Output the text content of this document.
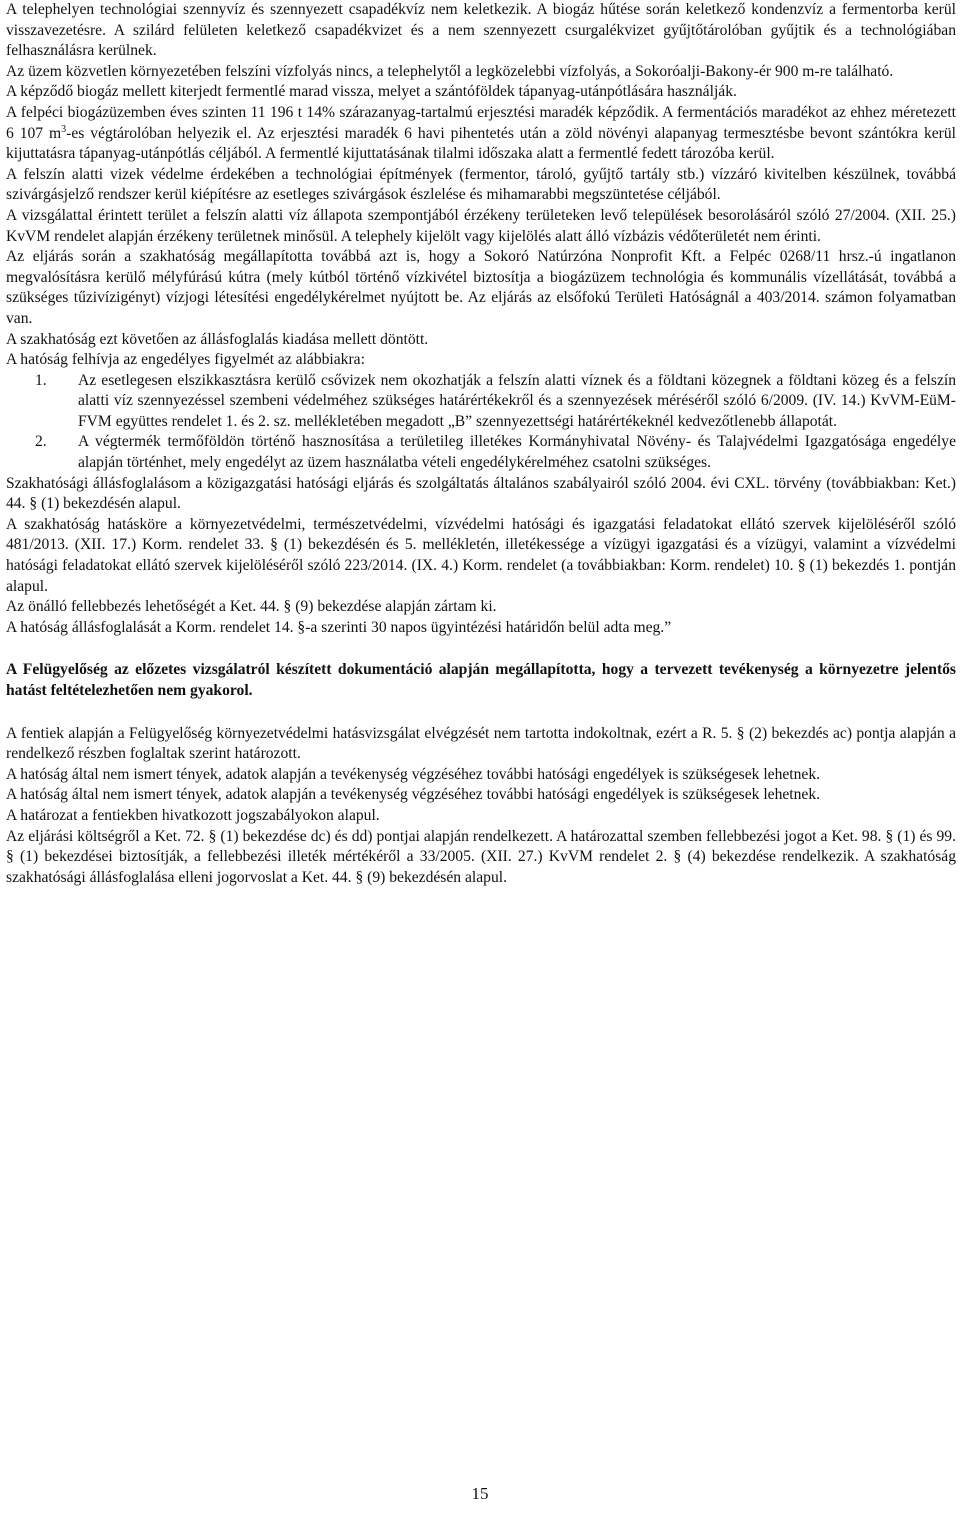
A telephelyen technológiai szennyvíz és szennyezett csapadékvíz nem keletkezik. A biogáz hűtése során keletkező kondenzvíz a fermentorba kerül visszavezetésre. A szilárd felületen keletkező csapadékvizet és a nem szennyezett csurgalékvizet gyűjtőtárolóban gyűjtik és a technológiában felhasználásra kerülnek.

Az üzem közvetlen környezetében felszíni vízfolyás nincs, a telephelytől a legközelebbi vízfolyás, a Sokoróalji-Bakony-ér 900 m-re található.

A képződő biogáz mellett kiterjedt fermentlé marad vissza, melyet a szántóföldek tápanyag-utánpótlására használják.

A felpéci biogázüzemben éves szinten 11 196 t 14% szárazanyag-tartalmú erjesztési maradék képződik. A fermentációs maradékot az ehhez méretezett 6 107 $m^3-es$ végtárolóban helyezik el. Az erjesztési maradék 6 havi pihentetés után a zöld növényi alapanyag termesztésbe bevont szántókra kerül kijuttatásra tápanyag-utánpótlás céljából. A fermentlé kijuttatásának tilalmi időszaka alatt a fermentlé fedett tározóba kerül.

A felszín alatti vizek védelme érdekében a technológiai építmények (fermentor, tároló, gyűjtő tartály stb.) vízzáró kivitelben készülnek, továbbá szivárgásjelző rendszer kerül kiépítésre az esetleges szivárgások észlelése és mihamarabbi megszüntetése céljából.

A vizsgálattal érintett terület a felszín alatti víz állapota szempontjából érzékeny területeken levő települések besorolásáról szóló 27/2004. (XII. 25.) KvVM rendelet alapján érzékeny területnek minősül. A telephely kijelölt vagy kijelölés alatt álló vízbázis védőterületét nem érinti.

Az eljárás során a szakhatóság megállapította továbbá azt is, hogy a Sokoró Natúrzóna Nonprofit Kft. a Felpéc 0268/11 hrsz.-ú ingatlanon megvalósításra kerülő mélyfúrású kútra (mely kútból történő vízkivétel biztosítja a biogázüzem technológia és kommunális vízellátását, továbbá a szükséges tűzivízigényt) vízjogi létesítési engedélykérelmet nyújtott be. Az eljárás az elsőfokú Területi Hatóságnál a 403/2014. számon folyamatban van.

A szakhatóság ezt követően az állásfoglalás kiadása mellett döntött.

A hatóság felhívja az engedélyes figyelmét az alábbiakra:

1.	Az esetlegesen elszikkasztásra kerülő csővizek nem okozhatják a felszín alatti víznek és a földtani közegnek a földtani közeg és a felszín alatti víz szennyezéssel szembeni védelméhez szükséges határértékekről és a szennyezések méréséről szóló 6/2009. (IV. 14.) KvVM-EüM-FVM együttes rendelet 1. és 2. sz. mellékletében megadott „B” szennyezettségi határértékeknél kedvezőtlenebb állapotát.
2.	A végtermék termőföldön történő hasznosítása a területileg illetékes Kormányhivatal Növény- és Talajvédelmi Igazgatósága engedélye alapján történhet, mely engedélyt az üzem használatba vételi engedélykérelméhez csatolni szükséges.

Szakhatósági állásfoglalásom a közigazgatási hatósági eljárás és szolgáltatás általános szabályairól szóló 2004. évi CXL. törvény (továbbiakban: Ket.) 44. § (1) bekezdésén alapul.

A szakhatóság hatásköre a környezetvédelmi, természetvédelmi, vízvédelmi hatósági és igazgatási feladatokat ellátó szervek kijelöléséről szóló 481/2013. (XII. 17.) Korm. rendelet 33. § (1) bekezdésén és 5. mellékletén, illetékessége a vízügyi igazgatási és a vízügyi, valamint a vízvédelmi hatósági feladatokat ellátó szervek kijelöléséről szóló 223/2014. (IX. 4.) Korm. rendelet (a továbbiakban: Korm. rendelet) 10. § (1) bekezdés 1. pontján alapul.

Az önálló fellebbezés lehetőségét a Ket. 44. § (9) bekezdése alapján zártam ki.

A hatóság állásfoglalását a Korm. rendelet 14. §-a szerinti 30 napos ügyintézési határidőn belül adta meg.”

A Felügyelőség az előzetes vizsgálatról készített dokumentáció alapján megállapította, hogy a tervezett tevékenység a környezetre jelentős hatást feltételezhetően nem gyakorol.

A fentiek alapján a Felügyelőség környezetvédelmi hatásvizsgálat elvégzését nem tartotta indokoltnak, ezért a R. 5. § (2) bekezdés ac) pontja alapján a rendelkező részben foglaltak szerint határozott.

A hatóság által nem ismert tények, adatok alapján a tevékenység végzéséhez további hatósági engedélyek is szükségesek lehetnek.

A hatóság által nem ismert tények, adatok alapján a tevékenység végzéséhez további hatósági engedélyek is szükségesek lehetnek.

A határozat a fentiekben hivatkozott jogszabályokon alapul.

Az eljárási költségről a Ket. 72. § (1) bekezdése dc) és dd) pontjai alapján rendelkezett. A határozattal szemben fellebbezési jogot a Ket. 98. § (1) és 99. § (1) bekezdései biztosítják, a fellebbezési illeték mértékéről a 33/2005. (XII. 27.) KvVM rendelet 2. § (4) bekezdése rendelkezik. A szakhatóság szakhatósági állásfoglalása elleni jogorvoslat a Ket. 44. § (9) bekezdésén alapul.

15
